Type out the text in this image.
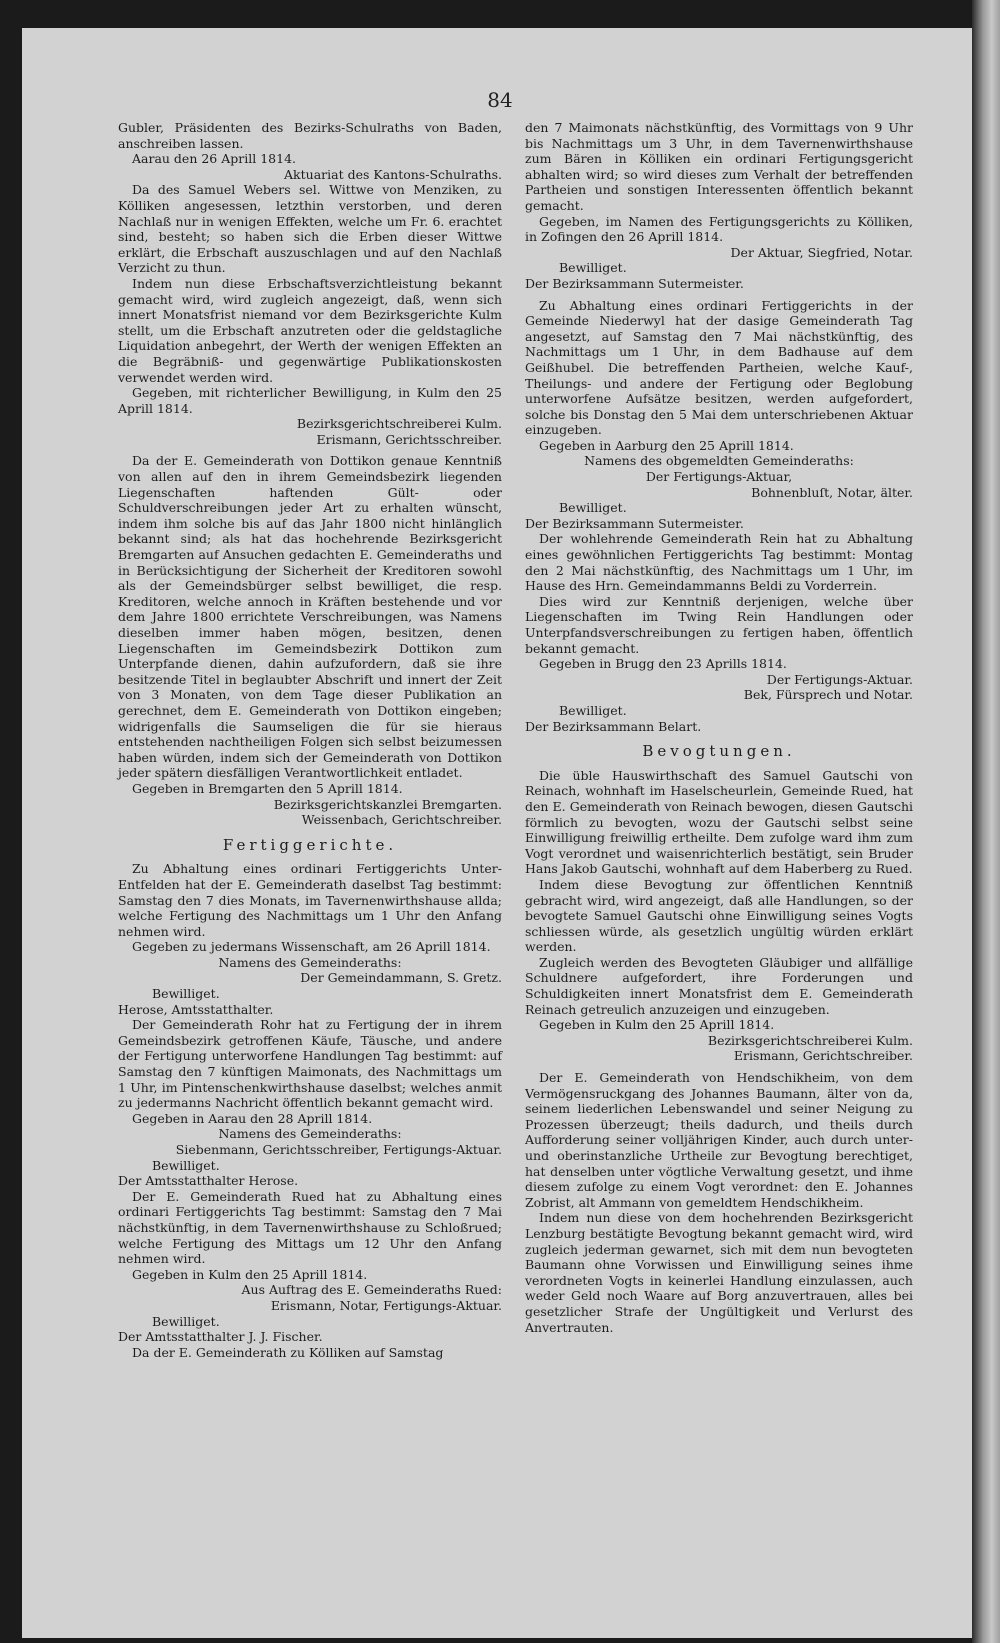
84

Gubler, Präsidenten des Bezirks-Schulraths von Baden, anschreiben lassen.

Aarau den 26 Aprill 1814.

Aktuariat des Kantons-Schulraths.

Da des Samuel Webers sel. Wittwe von Menziken, zu Kölliken angesessen, letzthin verstorben, und deren Nachlaß nur in wenigen Effekten, welche um Fr. 6. erachtet sind, besteht; so haben sich die Erben dieser Wittwe erklärt, die Erbschaft auszuschlagen und auf den Nachlaß Verzicht zu thun.

Indem nun diese Erbschaftsverzichtleistung bekannt gemacht wird, wird zugleich angezeigt, daß, wenn sich innert Monatsfrist niemand vor dem Bezirksgerichte Kulm stellt, um die Erbschaft anzutreten oder die geldstagliche Liquidation anbegehrt, der Werth der wenigen Effekten an die Begräbniß- und gegenwärtige Publikationskosten verwendet werden wird.

Gegeben, mit richterlicher Bewilligung, in Kulm den 25 Aprill 1814.

Bezirksgerichtschreiberei Kulm.

Erismann, Gerichtsschreiber.

Da der E. Gemeinderath von Dottikon genaue Kenntniß von allen auf den in ihrem Gemeindsbezirk liegenden Liegenschaften haftenden Gült- oder Schuldverschreibungen jeder Art zu erhalten wünscht, indem ihm solche bis auf das Jahr 1800 nicht hinlänglich bekannt sind; als hat das hochehrende Bezirksgericht Bremgarten auf Ansuchen gedachten E. Gemeinderaths und in Berücksichtigung der Sicherheit der Kreditoren sowohl als der Gemeindsbürger selbst bewilliget, die resp. Kreditoren, welche annoch in Kräften bestehende und vor dem Jahre 1800 errichtete Verschreibungen, was Namens dieselben immer haben mögen, besitzen, denen Liegenschaften im Gemeindsbezirk Dottikon zum Unterpfande dienen, dahin aufzufordern, daß sie ihre besitzende Titel in beglaubter Abschrift und innert der Zeit von 3 Monaten, von dem Tage dieser Publikation an gerechnet, dem E. Gemeinderath von Dottikon eingeben; widrigenfalls die Saumseligen die für sie hieraus entstehenden nachtheiligen Folgen sich selbst beizumessen haben würden, indem sich der Gemeinderath von Dottikon jeder spätern diesfälligen Verantwortlichkeit entladet.

Gegeben in Bremgarten den 5 Aprill 1814.

Bezirksgerichtskanzlei Bremgarten.

Weissenbach, Gerichtschreiber.

Fertiggerichte.

Zu Abhaltung eines ordinari Fertiggerichts Unter-Entfelden hat der E. Gemeinderath daselbst Tag bestimmt: Samstag den 7 dies Monats, im Tavernenwirthshause allda; welche Fertigung des Nachmittags um 1 Uhr den Anfang nehmen wird.

Gegeben zu jedermans Wissenschaft, am 26 Aprill 1814.

Namens des Gemeinderaths:

Der Gemeindammann, S. Gretz.

Bewilliget.

Herose, Amtsstatthalter.

Der Gemeinderath Rohr hat zu Fertigung der in ihrem Gemeindsbezirk getroffenen Käufe, Täusche, und andere der Fertigung unterworfene Handlungen Tag bestimmt: auf Samstag den 7 künftigen Maimonats, des Nachmittags um 1 Uhr, im Pintenschenkwirthshause daselbst; welches anmit zu jedermanns Nachricht öffentlich bekannt gemacht wird.

Gegeben in Aarau den 28 Aprill 1814.

Namens des Gemeinderaths:

Siebenmann, Gerichtsschreiber, Fertigungs-Aktuar.

Bewilliget.

Der Amtsstatthalter Herose.

Der E. Gemeinderath Rued hat zu Abhaltung eines ordinari Fertiggerichts Tag bestimmt: Samstag den 7 Mai nächstkünftig, in dem Tavernenwirthshause zu Schloßrued; welche Fertigung des Mittags um 12 Uhr den Anfang nehmen wird.

Gegeben in Kulm den 25 Aprill 1814.

Aus Auftrag des E. Gemeinderaths Rued:

Erismann, Notar, Fertigungs-Aktuar.

Bewilliget.

Der Amtsstatthalter J. J. Fischer.

Da der E. Gemeinderath zu Kölliken auf Samstag

den 7 Maimonats nächstkünftig, des Vormittags von 9 Uhr bis Nachmittags um 3 Uhr, in dem Tavernenwirthshause zum Bären in Kölliken ein ordinari Fertigungsgericht abhalten wird; so wird dieses zum Verhalt der betreffenden Partheien und sonstigen Interessenten öffentlich bekannt gemacht.

Gegeben, im Namen des Fertigungsgerichts zu Kölliken, in Zofingen den 26 Aprill 1814.

Der Aktuar, Siegfried, Notar.

Bewilliget.

Der Bezirksammann Sutermeister.

Zu Abhaltung eines ordinari Fertiggerichts in der Gemeinde Niederwyl hat der dasige Gemeinderath Tag angesetzt, auf Samstag den 7 Mai nächstkünftig, des Nachmittags um 1 Uhr, in dem Badhause auf dem Geißhubel. Die betreffenden Partheien, welche Kauf-, Theilungs- und andere der Fertigung oder Beglobung unterworfene Aufsätze besitzen, werden aufgefordert, solche bis Donstag den 5 Mai dem unterschriebenen Aktuar einzugeben.

Gegeben in Aarburg den 25 Aprill 1814.

Namens des obgemeldten Gemeinderaths:

Der Fertigungs-Aktuar,

Bohnenbluſt, Notar, älter.

Bewilliget.

Der Bezirksammann Sutermeister.

Der wohlehrende Gemeinderath Rein hat zu Abhaltung eines gewöhnlichen Fertiggerichts Tag bestimmt: Montag den 2 Mai nächstkünftig, des Nachmittags um 1 Uhr, im Hause des Hrn. Gemeindammanns Beldi zu Vorderrein.

Dies wird zur Kenntniß derjenigen, welche über Liegenschaften im Twing Rein Handlungen oder Unterpfandsverschreibungen zu fertigen haben, öffentlich bekannt gemacht.

Gegeben in Brugg den 23 Aprills 1814.

Der Fertigungs-Aktuar.

Bek, Fürsprech und Notar.

Bewilliget.

Der Bezirksammann Belart.

Bevogtungen.

Die üble Hauswirthschaft des Samuel Gautschi von Reinach, wohnhaft im Haselscheurlein, Gemeinde Rued, hat den E. Gemeinderath von Reinach bewogen, diesen Gautschi förmlich zu bevogten, wozu der Gautschi selbst seine Einwilligung freiwillig ertheilte. Dem zufolge ward ihm zum Vogt verordnet und waisenrichterlich bestätigt, sein Bruder Hans Jakob Gautschi, wohnhaft auf dem Haberberg zu Rued.

Indem diese Bevogtung zur öffentlichen Kenntniß gebracht wird, wird angezeigt, daß alle Handlungen, so der bevogtete Samuel Gautschi ohne Einwilligung seines Vogts schliessen würde, als gesetzlich ungültig würden erklärt werden.

Zugleich werden des Bevogteten Gläubiger und allfällige Schuldnere aufgefordert, ihre Forderungen und Schuldigkeiten innert Monatsfrist dem E. Gemeinderath Reinach getreulich anzuzeigen und einzugeben.

Gegeben in Kulm den 25 Aprill 1814.

Bezirksgerichtschreiberei Kulm.

Erismann, Gerichtschreiber.

Der E. Gemeinderath von Hendschikheim, von dem Vermögensruckgang des Johannes Baumann, älter von da, seinem liederlichen Lebenswandel und seiner Neigung zu Prozessen überzeugt; theils dadurch, und theils durch Aufforderung seiner volljährigen Kinder, auch durch unter- und oberinstanzliche Urtheile zur Bevogtung berechtiget, hat denselben unter vögtliche Verwaltung gesetzt, und ihme diesem zufolge zu einem Vogt verordnet: den E. Johannes Zobrist, alt Ammann von gemeldtem Hendschikheim.

Indem nun diese von dem hochehrenden Bezirksgericht Lenzburg bestätigte Bevogtung bekannt gemacht wird, wird zugleich jederman gewarnet, sich mit dem nun bevogteten Baumann ohne Vorwissen und Einwilligung seines ihme verordneten Vogts in keinerlei Handlung einzulassen, auch weder Geld noch Waare auf Borg anzuvertrauen, alles bei gesetzlicher Strafe der Ungültigkeit und Verlurst des Anvertrauten.
